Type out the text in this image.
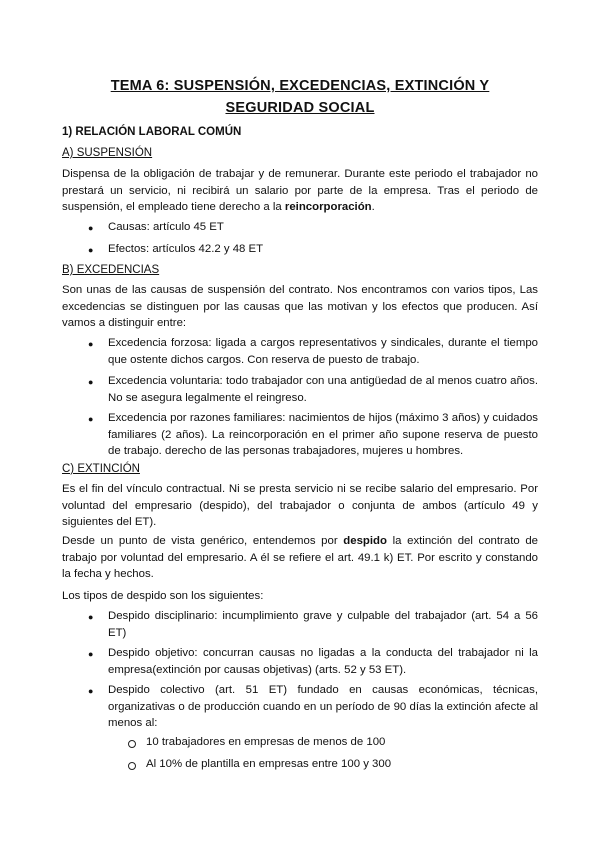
TEMA 6: SUSPENSIÓN, EXCEDENCIAS, EXTINCIÓN Y
SEGURIDAD SOCIAL
1) RELACIÓN LABORAL COMÚN
A) SUSPENSIÓN
Dispensa de la obligación de trabajar y de remunerar. Durante este periodo el trabajador no prestará un servicio, ni recibirá un salario por parte de la empresa. Tras el periodo de suspensión, el empleado tiene derecho a la reincorporación.
● Causas: artículo 45 ET
● Efectos: artículos 42.2 y 48 ET
B) EXCEDENCIAS
Son unas de las causas de suspensión del contrato. Nos encontramos con varios tipos, Las excedencias se distinguen por las causas que las motivan y los efectos que producen. Así vamos a distinguir entre:
● Excedencia forzosa: ligada a cargos representativos y sindicales, durante el tiempo que ostente dichos cargos. Con reserva de puesto de trabajo.
● Excedencia voluntaria: todo trabajador con una antigüedad de al menos cuatro años. No se asegura legalmente el reingreso.
● Excedencia por razones familiares: nacimientos de hijos (máximo 3 años) y cuidados familiares (2 años). La reincorporación en el primer año supone reserva de puesto de trabajo. derecho de las personas trabajadores, mujeres u hombres.
C) EXTINCIÓN
Es el fin del vínculo contractual. Ni se presta servicio ni se recibe salario del empresario. Por voluntad del empresario (despido), del trabajador o conjunta de ambos (artículo 49 y siguientes del ET).
Desde un punto de vista genérico, entendemos por despido la extinción del contrato de trabajo por voluntad del empresario. A él se refiere el art. 49.1 k) ET. Por escrito y constando la fecha y hechos.
Los tipos de despido son los siguientes:
● Despido disciplinario: incumplimiento grave y culpable del trabajador (art. 54 a 56 ET)
● Despido objetivo: concurran causas no ligadas a la conducta del trabajador ni la empresa(extinción por causas objetivas) (arts. 52 y 53 ET).
● Despido colectivo (art. 51 ET) fundado en causas económicas, técnicas, organizativas o de producción cuando en un período de 90 días la extinción afecte al menos al:
10 trabajadores en empresas de menos de 100
Al 10% de plantilla en empresas entre 100 y 300
